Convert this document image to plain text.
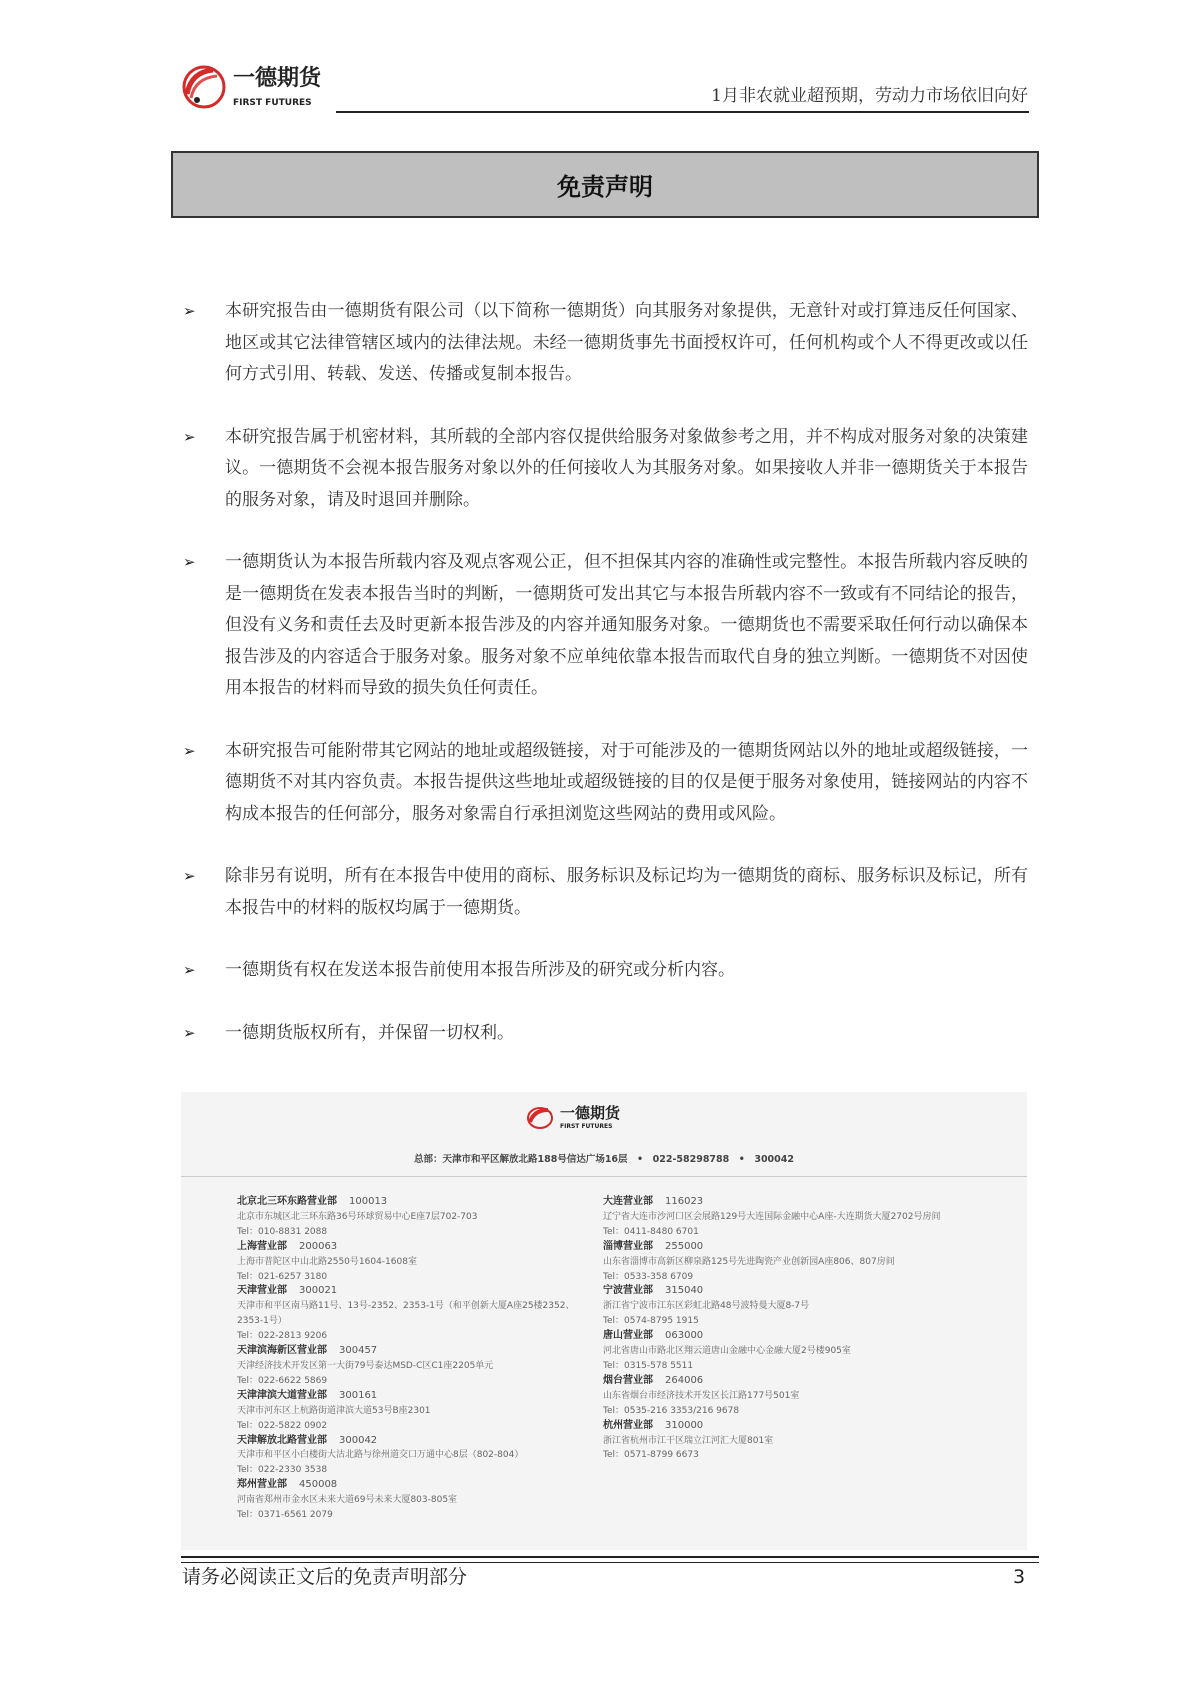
一德期货
FIRST FUTURES	1月非农就业超预期，劳动力市场依旧向好
免责声明
➢	本研究报告由一德期货有限公司（以下简称一德期货）向其服务对象提供，无意针对或打算违反任何国家、地区或其它法律管辖区域内的法律法规。未经一德期货事先书面授权许可，任何机构或个人不得更改或以任何方式引用、转载、发送、传播或复制本报告。
➢	本研究报告属于机密材料，其所载的全部内容仅提供给服务对象做参考之用，并不构成对服务对象的决策建议。一德期货不会视本报告服务对象以外的任何接收人为其服务对象。如果接收人并非一德期货关于本报告的服务对象，请及时退回并删除。
➢	一德期货认为本报告所载内容及观点客观公正，但不担保其内容的准确性或完整性。本报告所载内容反映的是一德期货在发表本报告当时的判断，一德期货可发出其它与本报告所载内容不一致或有不同结论的报告，但没有义务和责任去及时更新本报告涉及的内容并通知服务对象。一德期货也不需要采取任何行动以确保本报告涉及的内容适合于服务对象。服务对象不应单纯依靠本报告而取代自身的独立判断。一德期货不对因使用本报告的材料而导致的损失负任何责任。
➢	本研究报告可能附带其它网站的地址或超级链接，对于可能涉及的一德期货网站以外的地址或超级链接，一德期货不对其内容负责。本报告提供这些地址或超级链接的目的仅是便于服务对象使用，链接网站的内容不构成本报告的任何部分，服务对象需自行承担浏览这些网站的费用或风险。
➢	除非另有说明，所有在本报告中使用的商标、服务标识及标记均为一德期货的商标、服务标识及标记，所有本报告中的材料的版权均属于一德期货。
➢	一德期货有权在发送本报告前使用本报告所涉及的研究或分析内容。
➢	一德期货版权所有，并保留一切权利。
一德期货
FIRST FUTURES
总部：天津市和平区解放北路188号信达广场16层　•　022-58298788　•　300042
北京北三环东路营业部 100013
北京市东城区北三环东路36号环球贸易中心E座7层702-703
Tel：010-8831 2088
上海营业部 200063
上海市普陀区中山北路2550号1604-1608室
Tel：021-6257 3180
天津营业部 300021
天津市和平区南马路11号、13号-2352、2353-1号（和平创新大厦A座25楼2352、2353-1号）
Tel：022-2813 9206
天津滨海新区营业部 300457
天津经济技术开发区第一大街79号泰达MSD-C区C1座2205单元
Tel：022-6622 5869
天津津滨大道营业部 300161
天津市河东区上杭路街道津滨大道53号B座2301
Tel：022-5822 0902
天津解放北路营业部 300042
天津市和平区小白楼街大沽北路与徐州道交口万通中心8层（802-804）
Tel：022-2330 3538
郑州营业部 450008
河南省郑州市金水区未来大道69号未来大厦803-805室
Tel：0371-6561 2079
大连营业部 116023
辽宁省大连市沙河口区会展路129号大连国际金融中心A座-大连期货大厦2702号房间
Tel：0411-8480 6701
淄博营业部 255000
山东省淄博市高新区柳泉路125号先进陶瓷产业创新园A座806、807房间
Tel：0533-358 6709
宁波营业部 315040
浙江省宁波市江东区彩虹北路48号波特曼大厦8-7号
Tel：0574-8795 1915
唐山营业部 063000
河北省唐山市路北区翔云道唐山金融中心金融大厦2号楼905室
Tel：0315-578 5511
烟台营业部 264006
山东省烟台市经济技术开发区长江路177号501室
Tel：0535-216 3353/216 9678
杭州营业部 310000
浙江省杭州市江干区瑞立江河汇大厦801室
Tel：0571-8799 6673
请务必阅读正文后的免责声明部分	3
